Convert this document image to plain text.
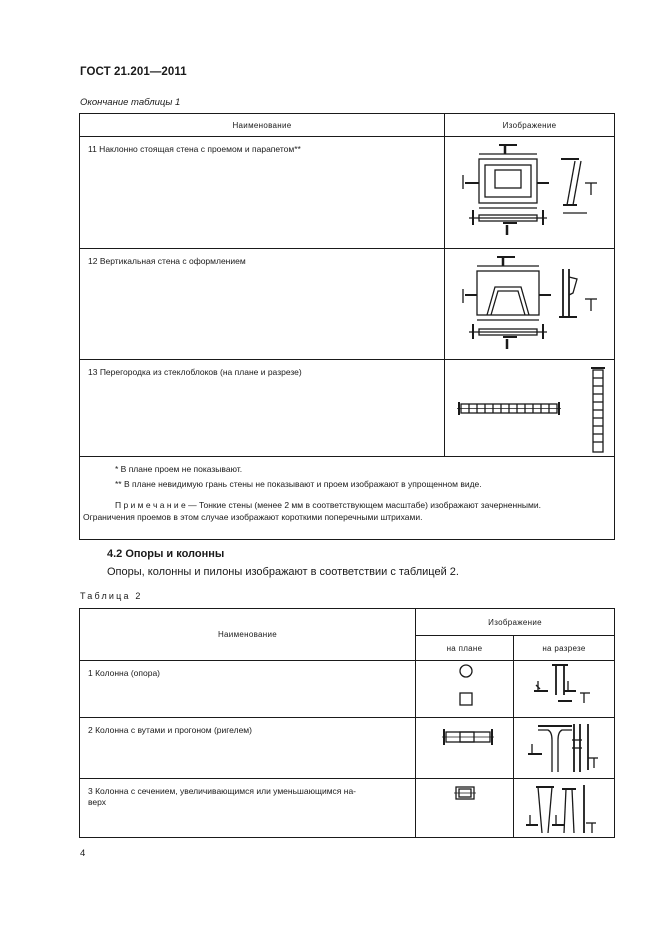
ГОСТ 21.201—2011
Окончание таблицы 1
Наименование	Изображение

11 Наклонно стоящая стена с проемом и парапетом**

12 Вертикальная стена с оформлением

13 Перегородка из стеклоблоков (на плане и разрезе)

* В плане проем не показывают.
** В плане невидимую грань стены не показывают и проем изображают в упрощенном виде.
П р и м е ч а н и е — Тонкие стены (менее 2 мм в соответствующем масштабе) изображают зачерненными.
Ограничения проемов в этом случае изображают короткими поперечными штрихами.	
4.2 Опоры и колонны
Опоры, колонны и пилоны изображают в соответствии с таблицей 2.
Таблица 2
Наименование	Изображение	
	на плане	на разрезе

1 Колонна (опора)

2 Колонна с вутами и прогоном (ригелем)

3 Колонна с сечением, увеличивающимся или уменьшающимся на-
верх

4
